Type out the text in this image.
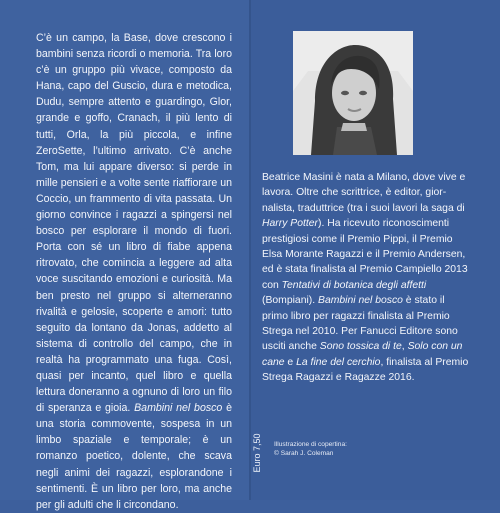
C’è un campo, la Base, dove crescono i bambini senza ricordi o memoria. Tra loro c’è un gruppo più vivace, composto da Hana, capo del Guscio, dura e metodica, Dudu, sempre attento e guardingo, Glor, grande e goffo, Cranach, il più lento di tutti, Orla, la più piccola, e infine ZeroSette, l’ultimo arrivato. C’è anche Tom, ma lui appare diverso: si perde in mille pensieri e a volte sente riaffiorare un Coccio, un frammento di vita passata. Un giorno convince i ragazzi a spingersi nel bosco per esplorare il mondo di fuori. Porta con sé un libro di fiabe appena ritrovato, che comincia a leggere ad alta voce suscitando emozioni e curiosità. Ma ben presto nel gruppo si alterneranno rivalità e gelosie, scoperte e amori: tutto seguito da lontano da Jonas, addetto al sistema di controllo del campo, che in realtà ha programmato una fuga. Così, quasi per incanto, quel libro e quella lettura doneranno a ognuno di loro un filo di speranza e gioia. Bambini nel bosco è una storia commovente, sospesa in un limbo spaziale e temporale; è un romanzo poetico, dolente, che scava negli animi dei ragazzi, esplorandone i sentimenti. È un libro per loro, ma anche per gli adulti che li circondano.

Beatrice Masini è nata a Milano, dove vive e lavora. Oltre che scrittrice, è editor, giornalista, traduttrice (tra i suoi lavori la saga di Harry Potter). Ha ricevuto riconoscimenti prestigiosi come il Premio Pippi, il Premio Elsa Morante Ragazzi e il Premio Andersen, ed è stata finalista al Premio Campiello 2013 con Tentativi di botanica degli affetti (Bompiani). Bambini nel bosco è stato il primo libro per ragazzi finalista al Premio Strega nel 2010. Per Fanucci Editore sono usciti anche Sono tossica di te, Solo con un cane e La fine del cerchio, finalista al Premio Strega Ragazzi e Ragazze 2016.

Illustrazione di copertina:
© Sarah J. Coleman
Euro 7,50
